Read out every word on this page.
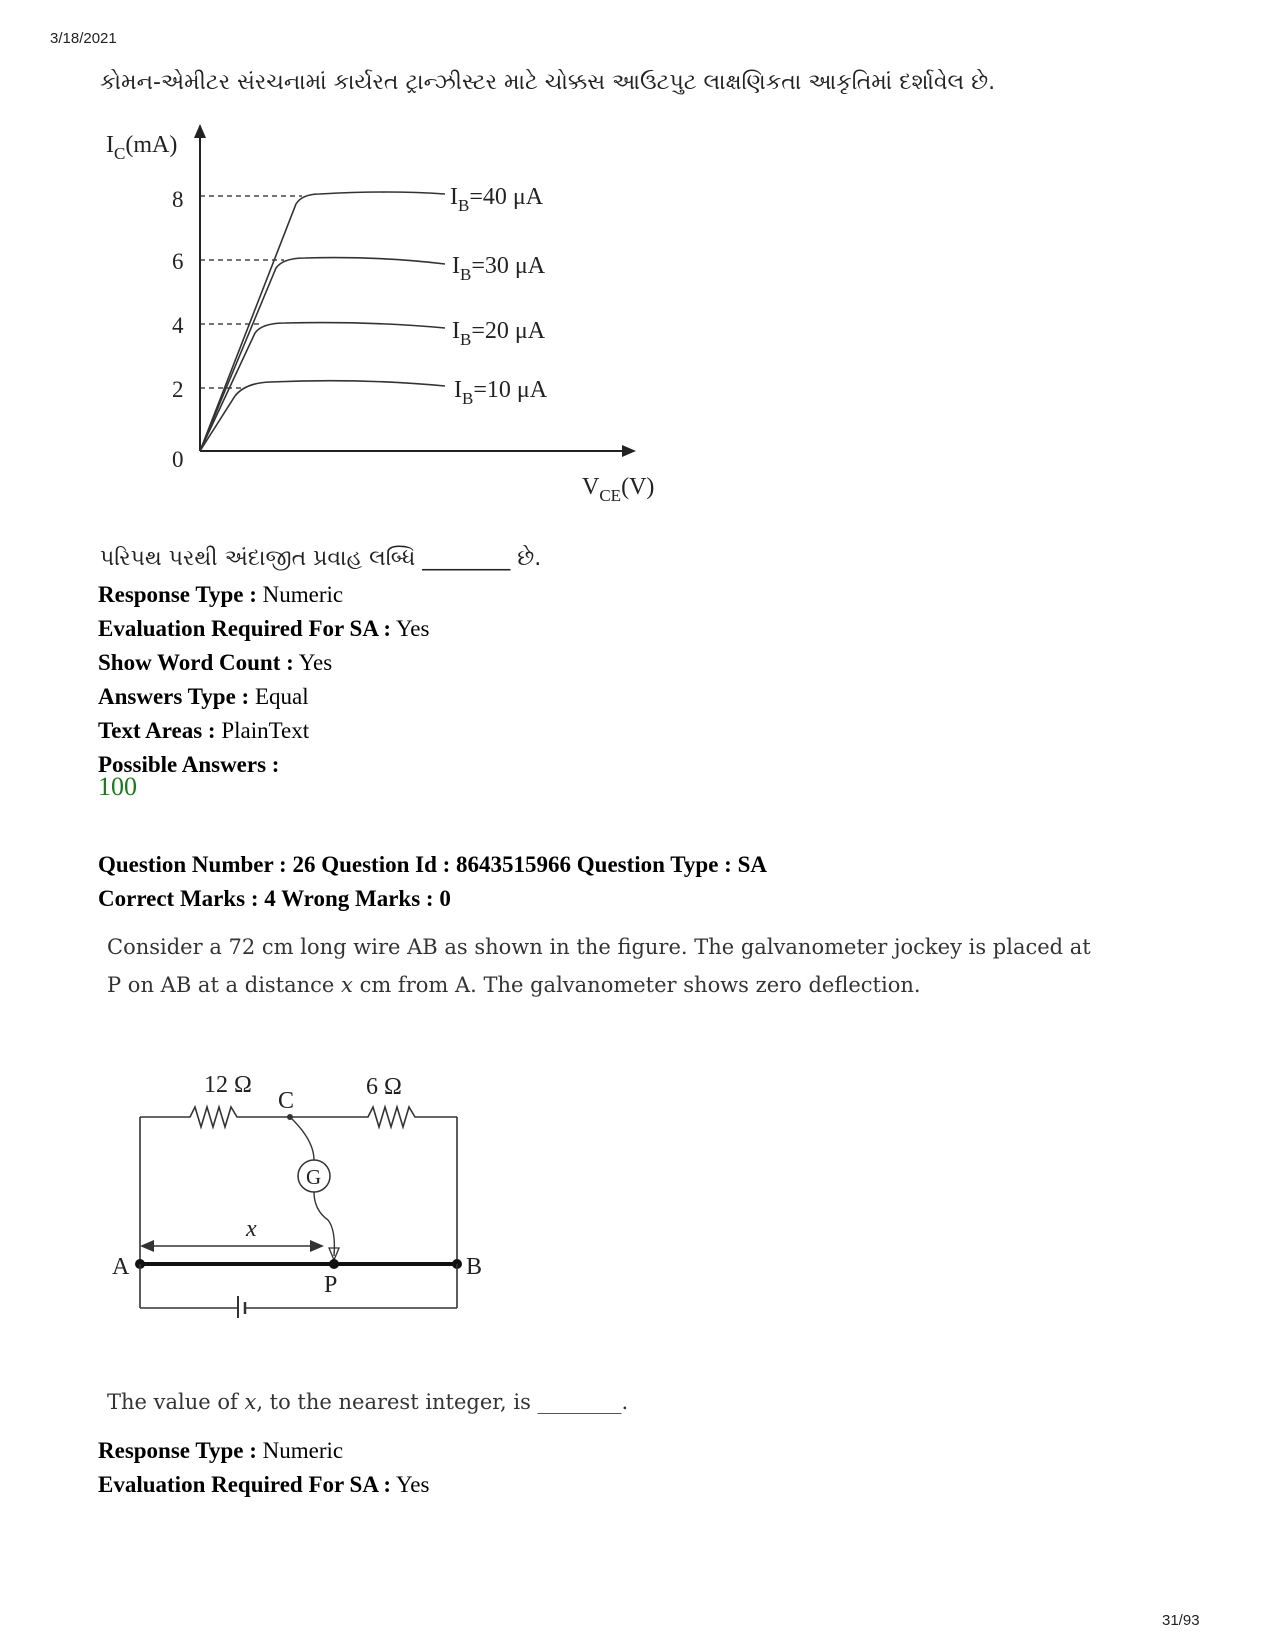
3/18/2021
31/93
કોમન-એમીટર સંરચનામાં કાર્યરત ટ્રાન્ઝીસ્ટર માટે ચોક્કસ આઉટપુટ લાક્ષણિકતા આકૃતિમાં દર્શાવેલ છે.
$I_C(mA)$
$V_{CE}(V)$
8
6
4
2
0
$I_B=40$ μA
$I_B=30$ μA
$I_B=20$ μA
$I_B=10$ μA
પરિપથ પરથી અંદાજીત પ્રવાહ લબ્ધિ ________ છે.
Response Type : Numeric
Evaluation Required For SA : Yes
Show Word Count : Yes
Answers Type : Equal
Text Areas : PlainText
Possible Answers :
100
Question Number : 26 Question Id : 8643515966 Question Type : SA
Correct Marks : 4 Wrong Marks : 0
Consider a 72 cm long wire AB as shown in the figure. The galvanometer jockey is placed at
P on AB at a distance x cm from A. The galvanometer shows zero deflection.
12 Ω	6 Ω
C
G
x
A	B
P
The value of x, to the nearest integer, is ________.
Response Type : Numeric
Evaluation Required For SA : Yes
